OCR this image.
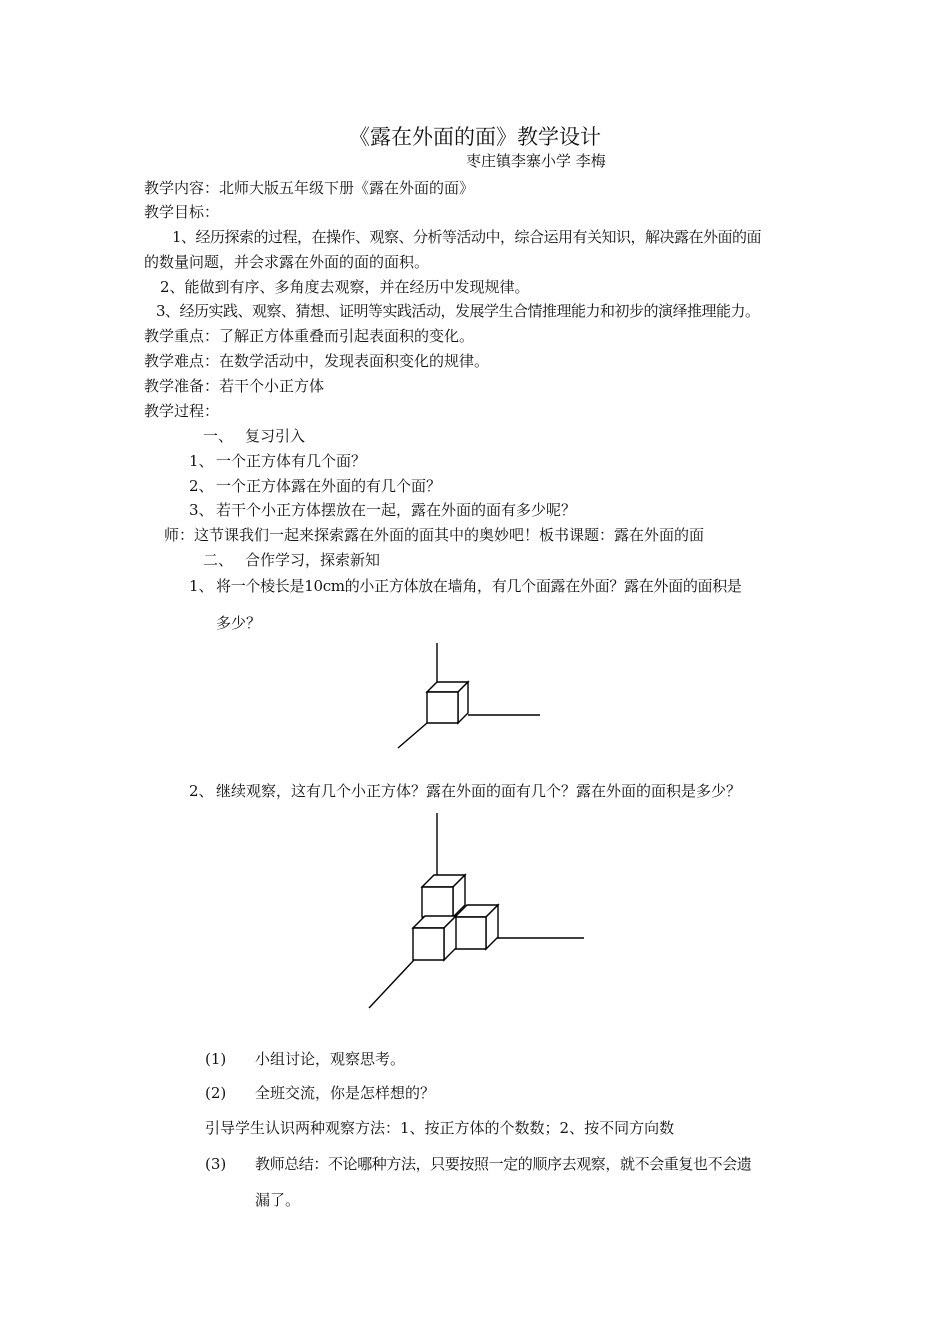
《露在外面的面》教学设计
枣庄镇李寨小学 李梅
教学内容：北师大版五年级下册《露在外面的面》
教学目标：
1、经历探索的过程，在操作、观察、分析等活动中，综合运用有关知识，解决露在外面的面
的数量问题，并会求露在外面的面的面积。
2、能做到有序、多角度去观察，并在经历中发现规律。
3、经历实践、观察、猜想、证明等实践活动，发展学生合情推理能力和初步的演绎推理能力。
教学重点：了解正方体重叠而引起表面积的变化。
教学难点：在数学活动中，发现表面积变化的规律。
教学准备：若干个小正方体
教学过程：
一、 复习引入
1、 一个正方体有几个面？
2、 一个正方体露在外面的有几个面？
3、 若干个小正方体摆放在一起，露在外面的面有多少呢？
师：这节课我们一起来探索露在外面的面其中的奥妙吧！板书课题：露在外面的面
二、 合作学习，探索新知
1、 将一个棱长是10cm的小正方体放在墙角，有几个面露在外面？露在外面的面积是
多少？
2、 继续观察，这有几个小正方体？露在外面的面有几个？露在外面的面积是多少？
(1) 小组讨论，观察思考。
(2) 全班交流，你是怎样想的？
引导学生认识两种观察方法：1、按正方体的个数数；2、按不同方向数
(3) 教师总结：不论哪种方法，只要按照一定的顺序去观察，就不会重复也不会遗
漏了。
